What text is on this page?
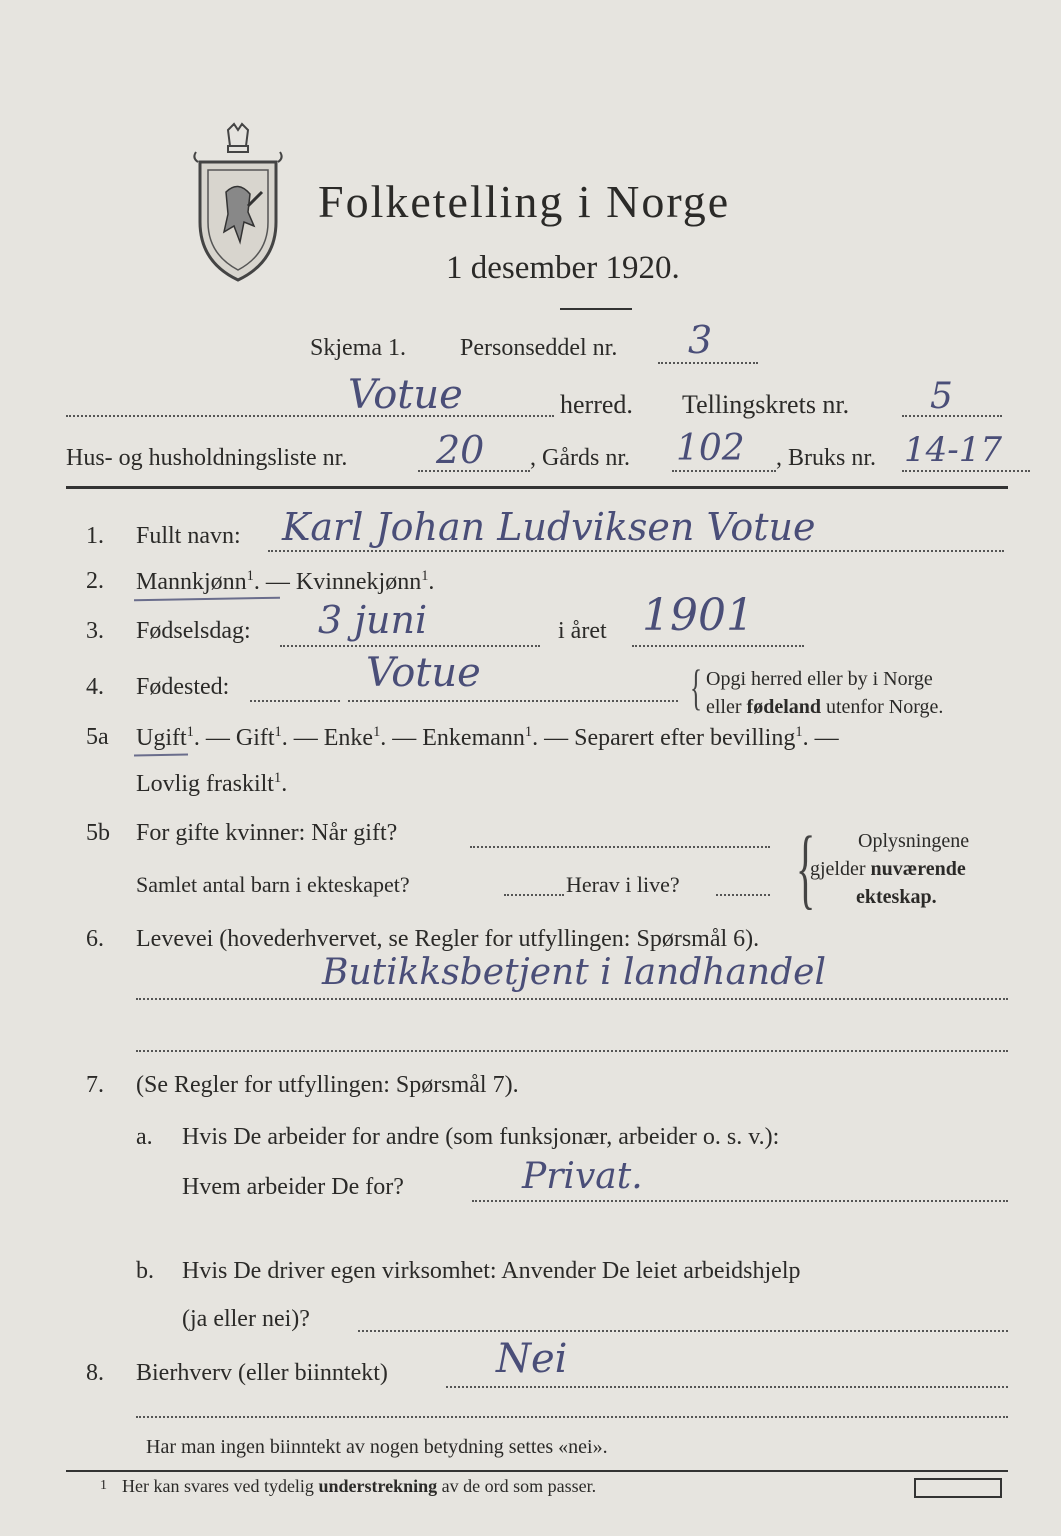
Folketelling i Norge
1 desember 1920.
Skjema 1. Personseddel nr. 3
Votue	herred. Tellingskrets nr. 5
Hus- og husholdningsliste nr. 20 , Gårds nr. 102 , Bruks nr. 14-17
1. Fullt navn: Karl Johan Ludviksen Votue
2. Mannkjønn$^1$. — Kvinnekjønn$^1$.
3. Fødselsdag: 3 juni	i året 1901
4. Fødested:	Votue	{ Opgi herred eller by i Norge
eller fødeland utenfor Norge.
5a Ugift$^1$. — Gift$^1$. — Enke$^1$. — Enkemann$^1$. — Separert efter bevilling$^1$. —
Lovlig fraskilt$^1$.
5b For gifte kvinner: Når gift?
Samlet antal barn i ekteskapet?	Herav i live? { Oplysningene
gjelder nuværende
ekteskap.
6. Levevei (hovederhvervet, se Regler for utfyllingen: Spørsmål 6).
Butikksbetjent i landhandel
7. (Se Regler for utfyllingen: Spørsmål 7).
a. Hvis De arbeider for andre (som funksjonær, arbeider o. s. v.):
Hvem arbeider De for?	Privat.
b. Hvis De driver egen virksomhet: Anvender De leiet arbeidshjelp
(ja eller nei)?
8. Bierhverv (eller biinntekt)	Nei
Har man ingen biinntekt av nogen betydning settes «nei».
1 Her kan svares ved tydelig understrekning av de ord som passer.
